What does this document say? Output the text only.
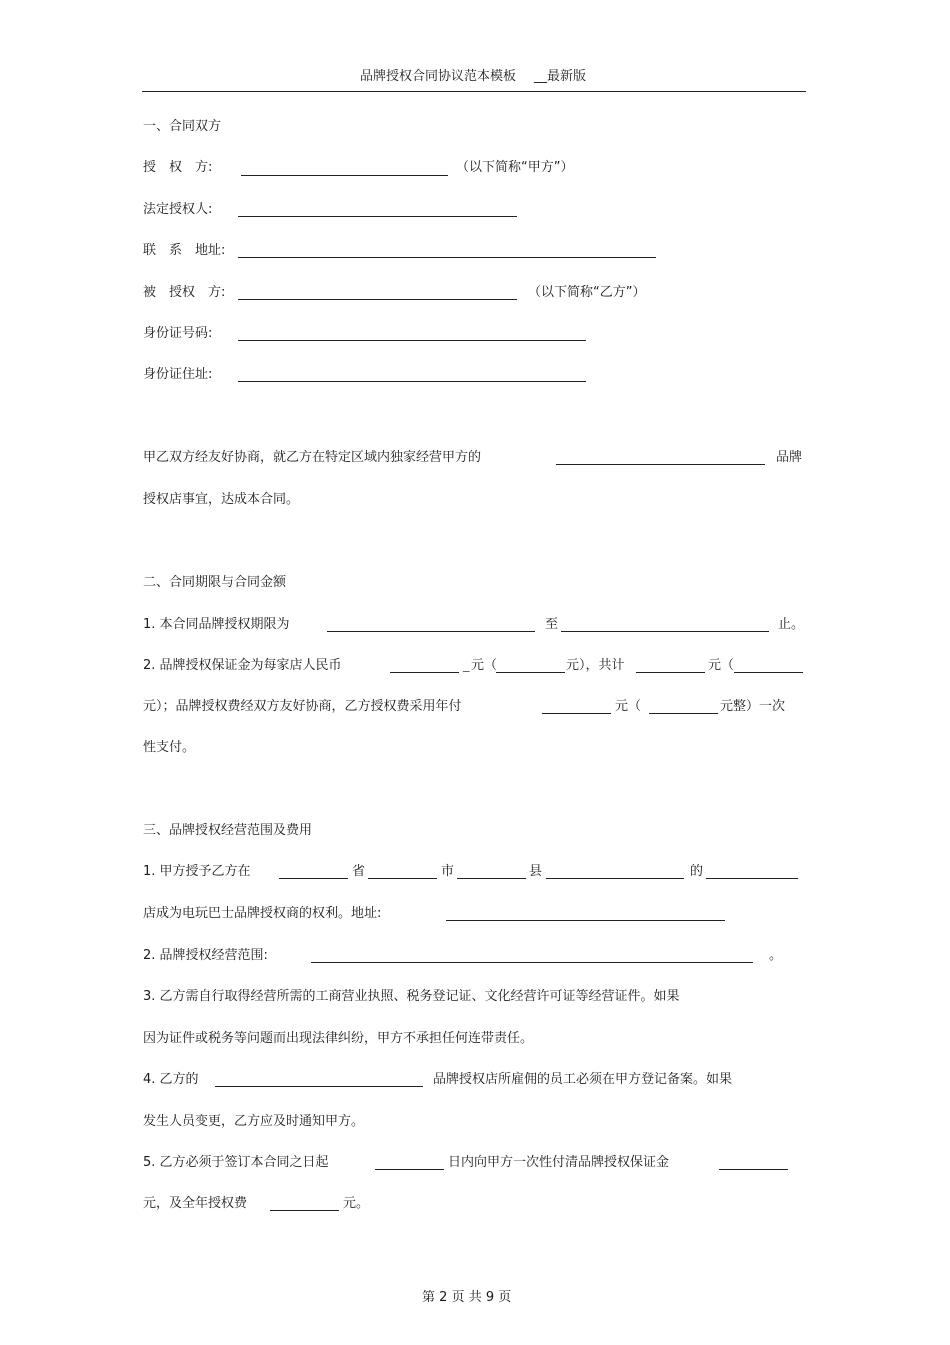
品牌授权合同协议范本模板 __最新版
一、合同双方
授　权　方:	（以下简称“甲方”）
法定授权人:
联　系　地址:
被　授权　方:	（以下简称“乙方”）
身份证号码:
身份证住址:
甲乙双方经友好协商，就乙方在特定区域内独家经营甲方的	品牌
授权店事宜，达成本合同。
二、合同期限与合同金额
1. 本合同品牌授权期限为	至	止。
2. 品牌授权保证金为每家店人民币	_ 元（	元），共计	元（
元）；品牌授权费经双方友好协商，乙方授权费采用年付	元（	元整）一次
性支付。
三、品牌授权经营范围及费用
1. 甲方授予乙方在	省	市	县	的
店成为电玩巴士品牌授权商的权利。地址:
2. 品牌授权经营范围:	。
3. 乙方需自行取得经营所需的工商营业执照、税务登记证、文化经营许可证等经营证件。如果
因为证件或税务等问题而出现法律纠纷，甲方不承担任何连带责任。
4. 乙方的	品牌授权店所雇佣的员工必须在甲方登记备案。如果
发生人员变更，乙方应及时通知甲方。
5. 乙方必须于签订本合同之日起	日内向甲方一次性付清品牌授权保证金
元，及全年授权费	元。
第 2 页 共 9 页
